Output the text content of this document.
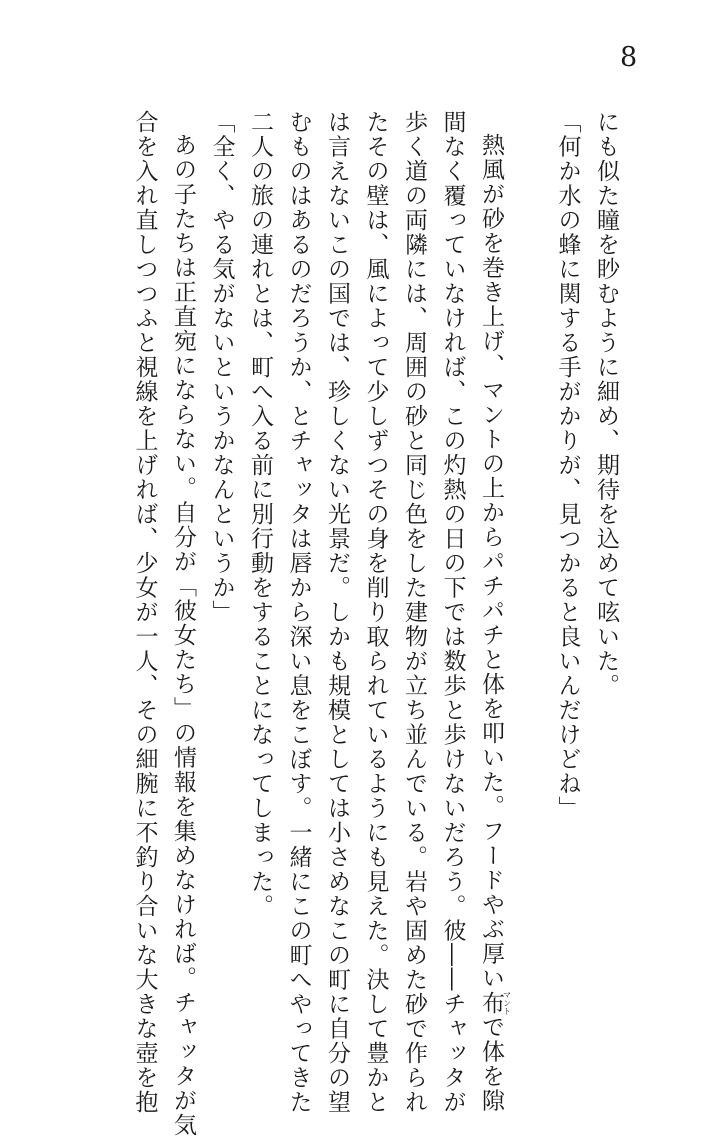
8
にも似た瞳を眇むように細め、期待を込めて呟いた。
「何か水の蜂に関する手がかりが、見つかると良いんだけどね」
熱風が砂を巻き上げ、マントの上からパチパチと体を叩いた。フードやぶ厚い布マントで体を隙
間なく覆っていなければ、この灼熱の日の下では数歩と歩けないだろう。彼――チャッタが
歩く道の両隣には、周囲の砂と同じ色をした建物が立ち並んでいる。岩や固めた砂で作られ
たその壁は、風によって少しずつその身を削り取られているようにも見えた。決して豊かと
は言えないこの国では、珍しくない光景だ。しかも規模としては小さめなこの町に自分の望
むものはあるのだろうか、とチャッタは唇から深い息をこぼす。一緒にこの町へやってきた
二人の旅の連れとは、町へ入る前に別行動をすることになってしまった。
「全く、やる気がないというかなんというか」
あの子たちは正直宛にならない。自分が「彼女たち」の情報を集めなければ。チャッタが気
合を入れ直しつつふと視線を上げれば、少女が一人、その細腕に不釣り合いな大きな壺を抱
